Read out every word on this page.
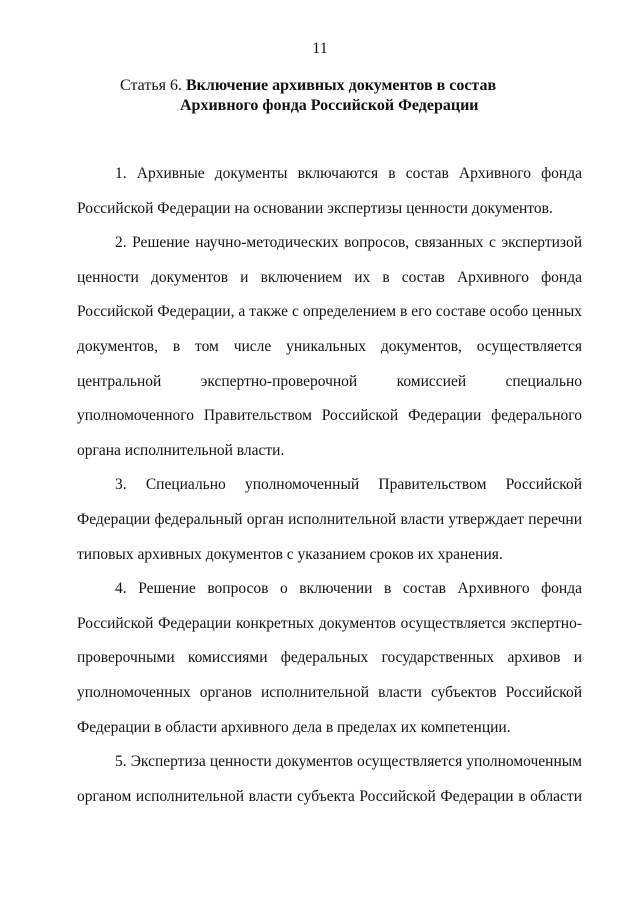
11
Статья 6. Включение архивных документов в состав
Архивного фонда Российской Федерации
1. Архивные документы включаются в состав Архивного фонда
Российской Федерации на основании экспертизы ценности документов.
2. Решение научно-методических вопросов, связанных с экспертизой
ценности документов и включением их в состав Архивного фонда
Российской Федерации, а также с определением в его составе особо ценных
документов, в том числе уникальных документов, осуществляется
центральной экспертно-проверочной комиссией специально
уполномоченного Правительством Российской Федерации федерального
органа исполнительной власти.
3. Специально уполномоченный Правительством Российской
Федерации федеральный орган исполнительной власти утверждает перечни
типовых архивных документов с указанием сроков их хранения.
4. Решение вопросов о включении в состав Архивного фонда
Российской Федерации конкретных документов осуществляется экспертно-
проверочными комиссиями федеральных государственных архивов и
уполномоченных органов исполнительной власти субъектов Российской
Федерации в области архивного дела в пределах их компетенции.
5. Экспертиза ценности документов осуществляется уполномоченным
органом исполнительной власти субъекта Российской Федерации в области
